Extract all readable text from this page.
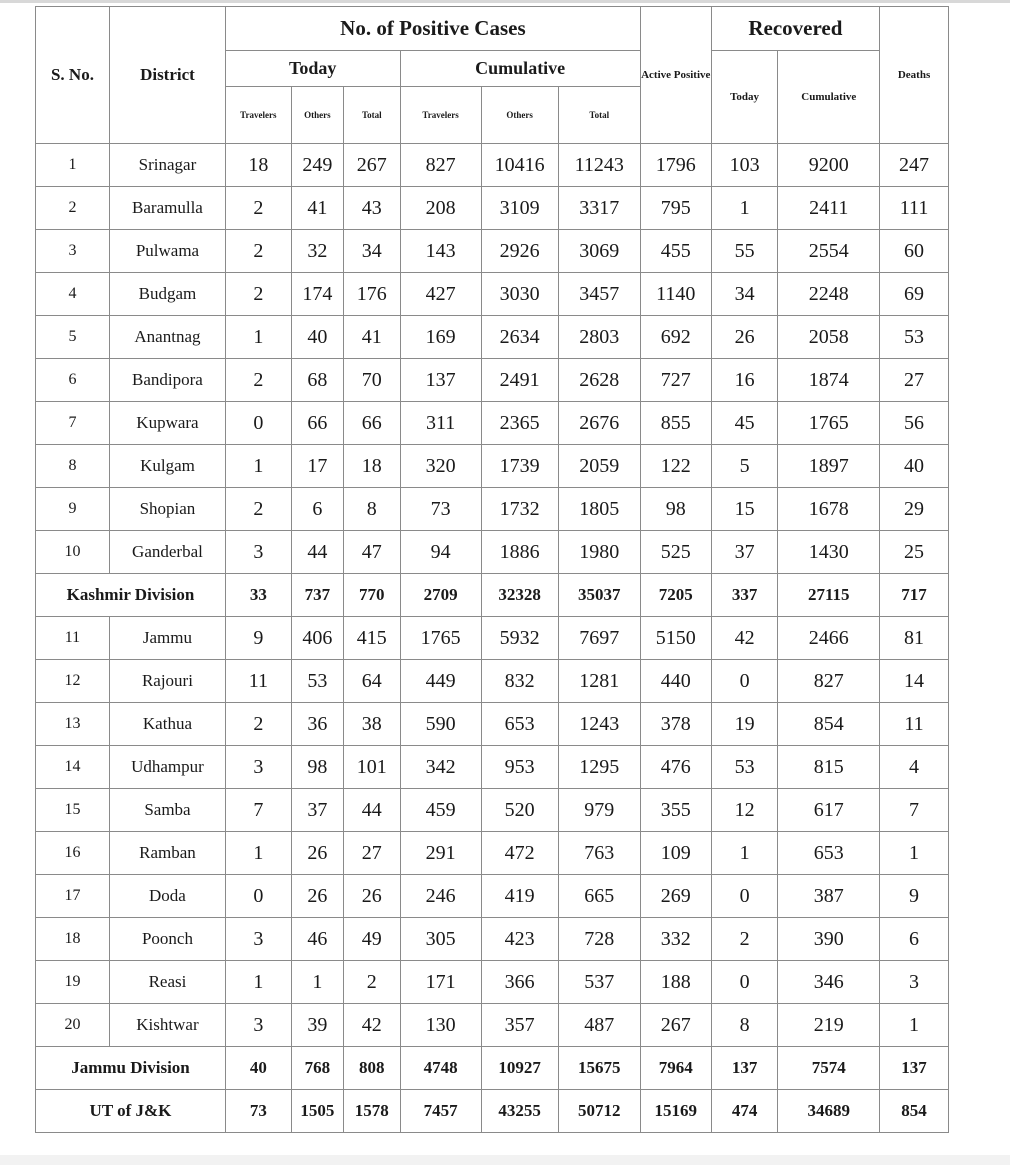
S. No.	District	No. of Positive Cases						Active Positive	Recovered		Deaths
		Today			Cumulative				Today	Cumulative	
		Travelers	Others	Total	Travelers	Others	Total				
1	Srinagar	18	249	267	827	10416	11243	1796	103	9200	247
2	Baramulla	2	41	43	208	3109	3317	795	1	2411	111
3	Pulwama	2	32	34	143	2926	3069	455	55	2554	60
4	Budgam	2	174	176	427	3030	3457	1140	34	2248	69
5	Anantnag	1	40	41	169	2634	2803	692	26	2058	53
6	Bandipora	2	68	70	137	2491	2628	727	16	1874	27
7	Kupwara	0	66	66	311	2365	2676	855	45	1765	56
8	Kulgam	1	17	18	320	1739	2059	122	5	1897	40
9	Shopian	2	6	8	73	1732	1805	98	15	1678	29
10	Ganderbal	3	44	47	94	1886	1980	525	37	1430	25
Kashmir Division		33	737	770	2709	32328	35037	7205	337	27115	717
11	Jammu	9	406	415	1765	5932	7697	5150	42	2466	81
12	Rajouri	11	53	64	449	832	1281	440	0	827	14
13	Kathua	2	36	38	590	653	1243	378	19	854	11
14	Udhampur	3	98	101	342	953	1295	476	53	815	4
15	Samba	7	37	44	459	520	979	355	12	617	7
16	Ramban	1	26	27	291	472	763	109	1	653	1
17	Doda	0	26	26	246	419	665	269	0	387	9
18	Poonch	3	46	49	305	423	728	332	2	390	6
19	Reasi	1	1	2	171	366	537	188	0	346	3
20	Kishtwar	3	39	42	130	357	487	267	8	219	1
Jammu Division		40	768	808	4748	10927	15675	7964	137	7574	137
UT of J&K		73	1505	1578	7457	43255	50712	15169	474	34689	854
